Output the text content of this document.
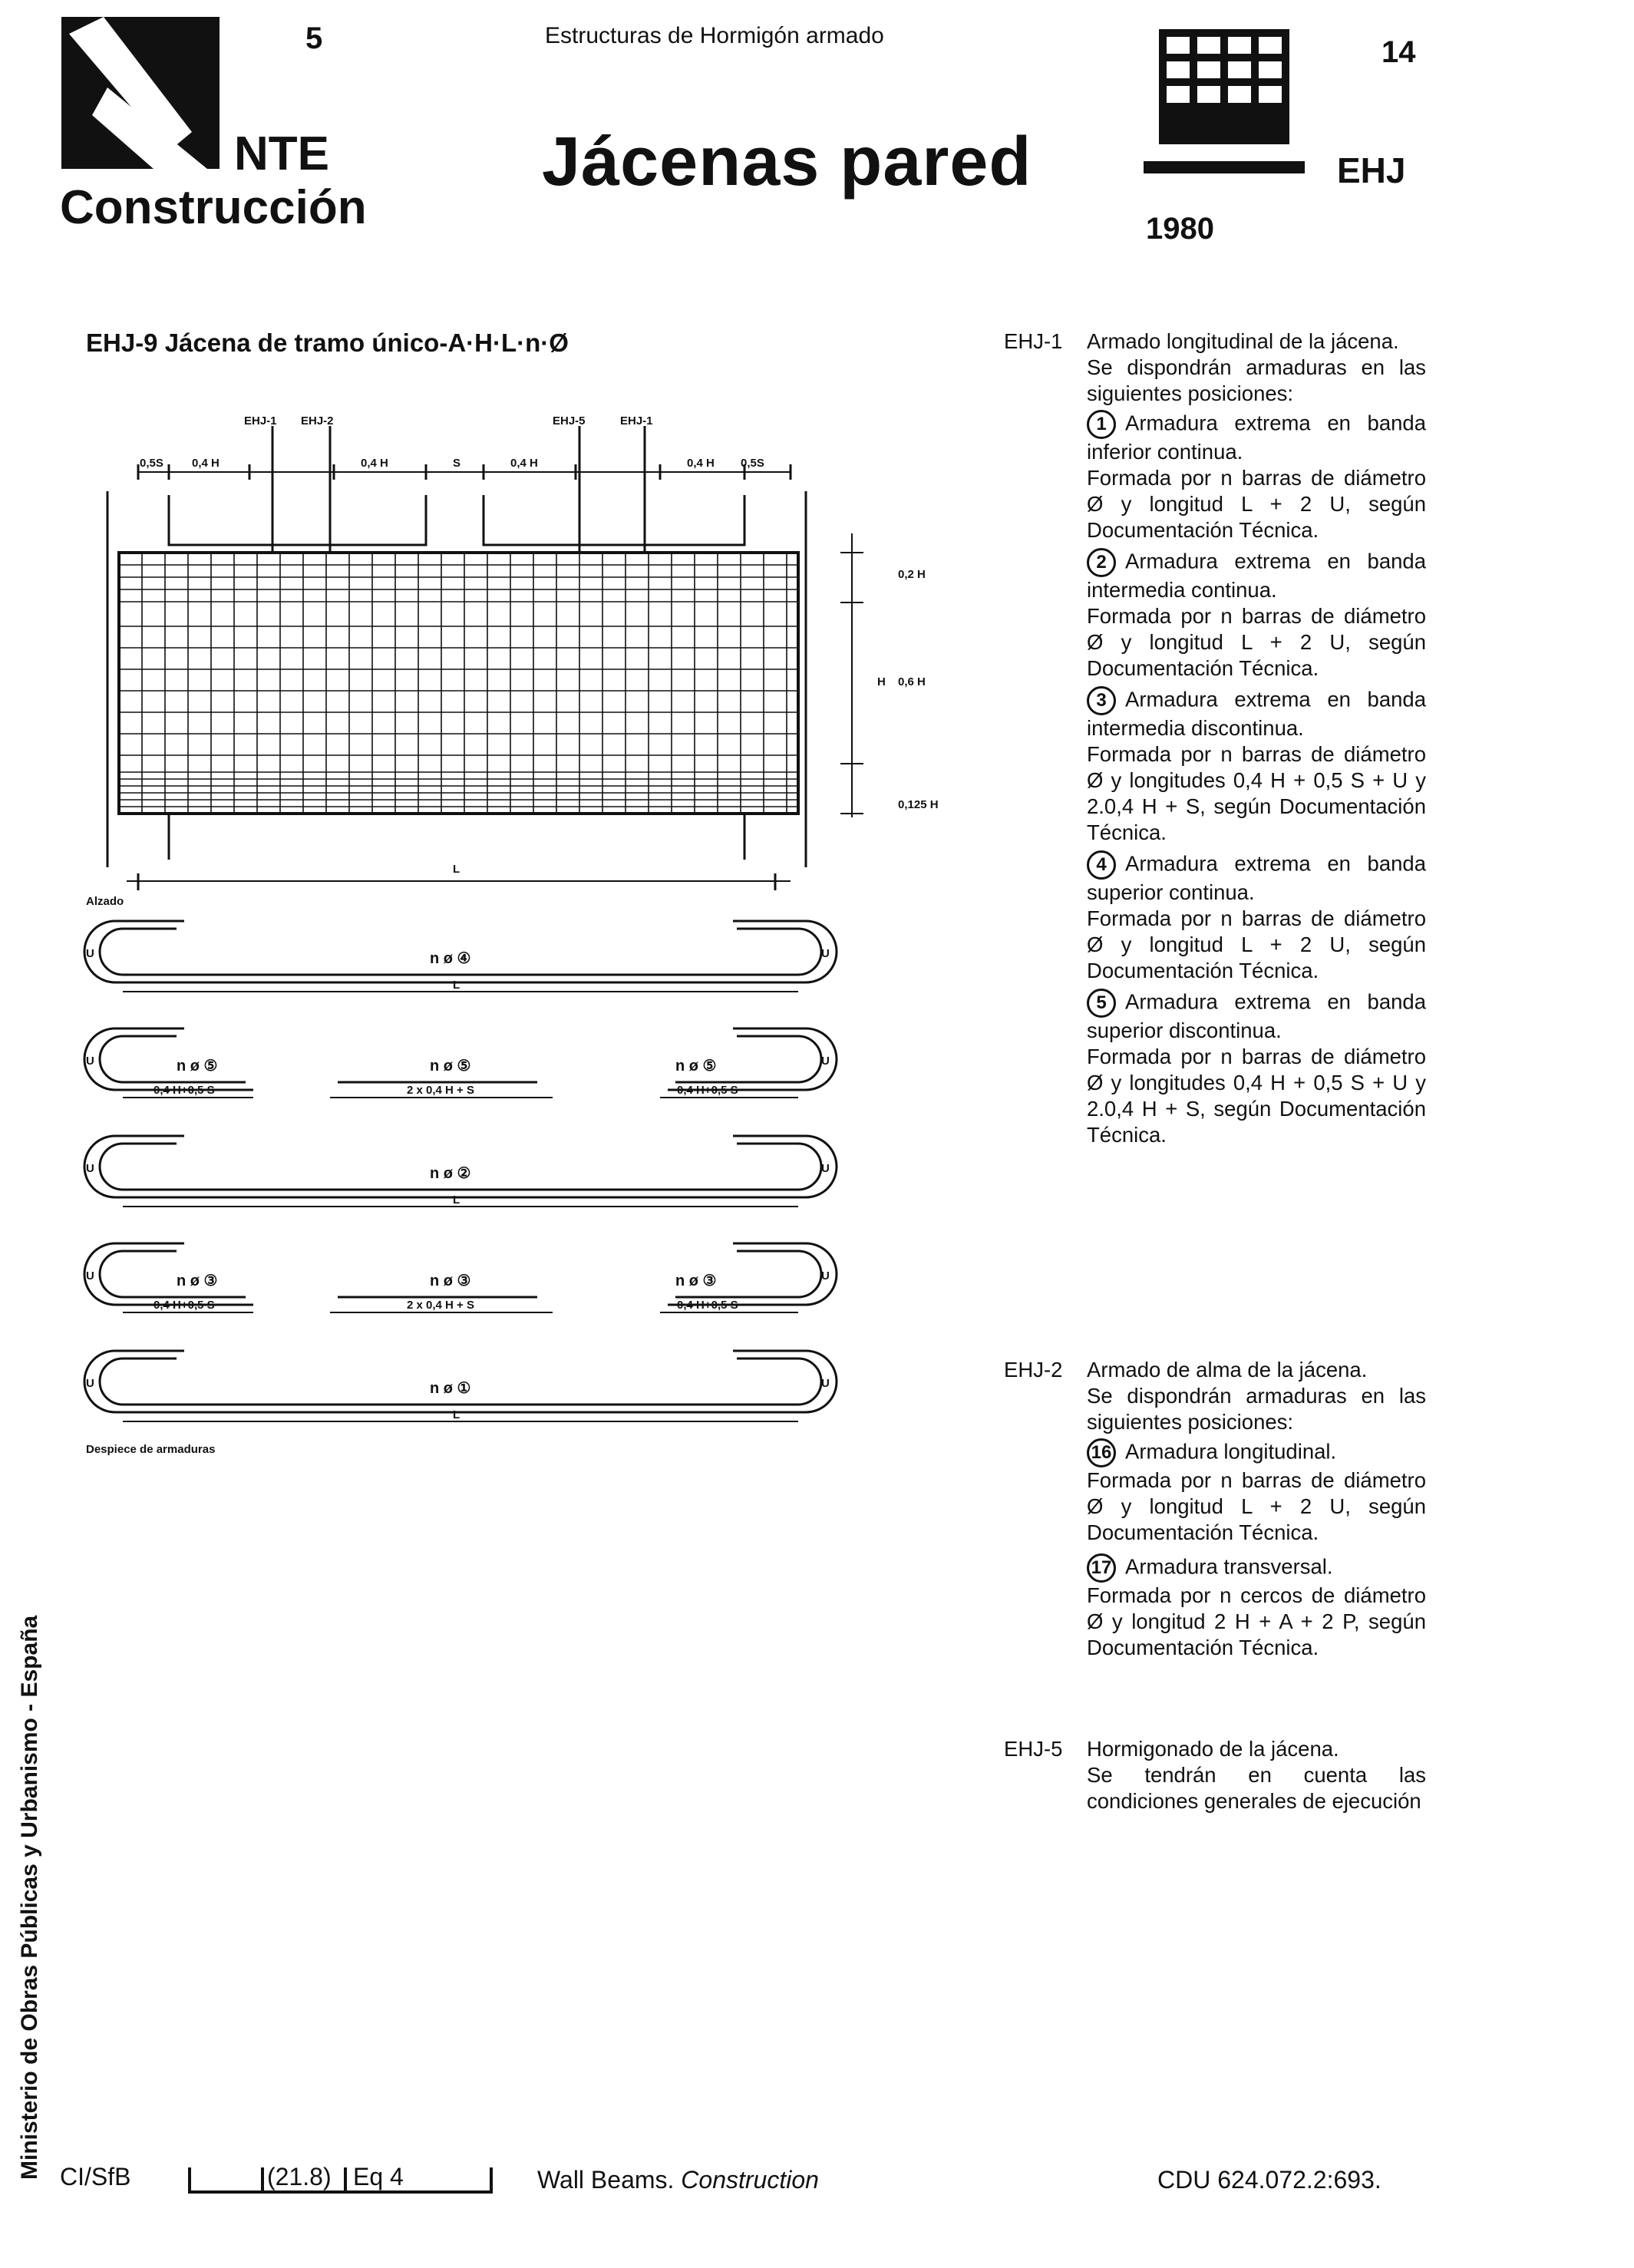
5
NTE
Construcción
Estructuras de Hormigón armado
Jácenas pared
14
EHJ
1980
EHJ-9 Jácena de tramo único-A·H·L·n·Ø
EHJ-1 EHJ-2	EHJ-5	EHJ-1
0,5S 0,4 H	0,4 H	S	0,4 H	0,4 H 0,5S
0,2 H
H 0,6 H
0,125 H
L
Alzado
U	U
n ø ④
L
U	U
n ø ⑤	n ø ⑤	n ø ⑤
0,4 H+0,5 S	2 x 0,4 H + S	0,4 H+0,5 S
U	U
n ø ②
L
U	U
n ø ③	n ø ③	n ø ③
0,4 H+0,5 S	2 x 0,4 H + S	0,4 H+0,5 S
U	U
n ø ①
L
Despiece de armaduras
EHJ-1 Armado longitudinal de la jácena.
Se dispondrán armaduras en las siguientes posiciones:
1 Armadura extrema en banda inferior continua.
Formada por n barras de diámetro Ø y longitud L + 2 U, según Documentación Técnica.
2 Armadura extrema en banda intermedia continua.
Formada por n barras de diámetro Ø y longitud L + 2 U, según Documentación Técnica.
3 Armadura extrema en banda intermedia discontinua.
Formada por n barras de diámetro Ø y longitudes 0,4 H + 0,5 S + U y 2.0,4 H + S, según Documentación Técnica.
4 Armadura extrema en banda superior continua.
Formada por n barras de diámetro Ø y longitud L + 2 U, según Documentación Técnica.
5 Armadura extrema en banda superior discontinua.
Formada por n barras de diámetro Ø y longitudes 0,4 H + 0,5 S + U y 2.0,4 H + S, según Documentación Técnica.
EHJ-2 Armado de alma de la jácena.
Se dispondrán armaduras en las siguientes posiciones:
16 Armadura longitudinal.
Formada por n barras de diámetro Ø y longitud L + 2 U, según Documentación Técnica.
17 Armadura transversal.
Formada por n cercos de diámetro Ø y longitud 2 H + A + 2 P, según Documentación Técnica.
EHJ-5 Hormigonado de la jácena.
Se tendrán en cuenta las condiciones generales de ejecución
Ministerio de Obras Públicas y Urbanismo - España CI/SfB	(21.8) Eq 4	Wall Beams. Construction	CDU 624.072.2:693.
